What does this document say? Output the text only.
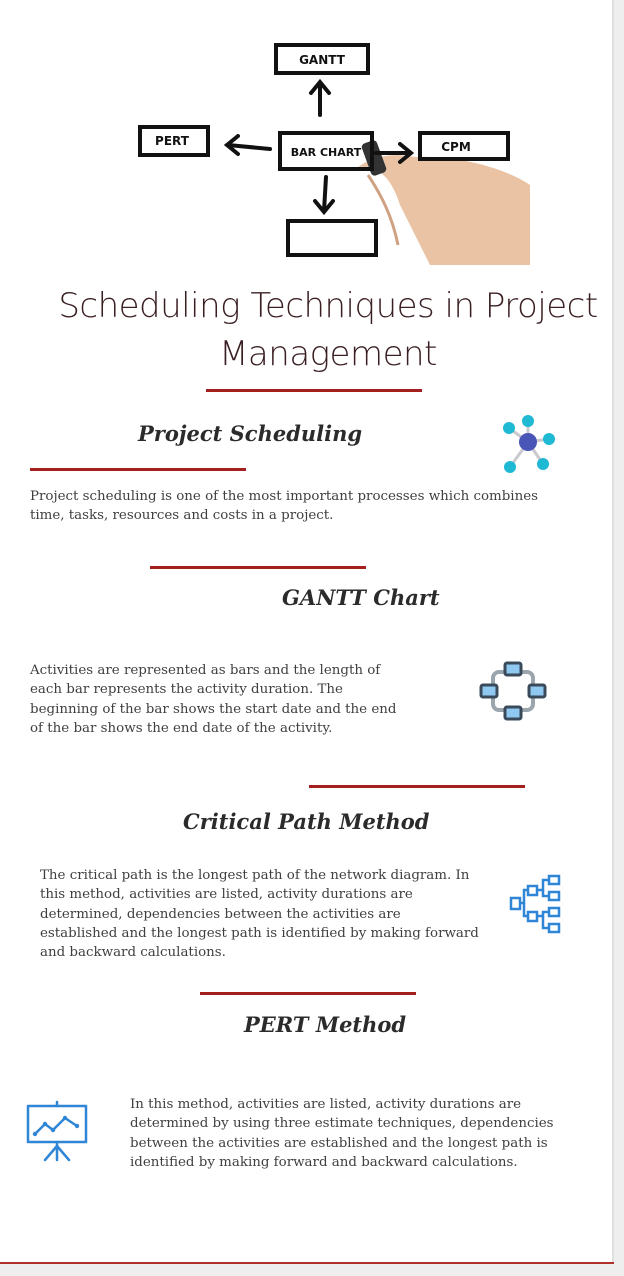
GANTT
PERT
BAR CHART	CPM
Scheduling Techniques in Project
Management
Project Scheduling
Project scheduling is one of the most important processes which combines time, tasks, resources and costs in a project.
GANTT Chart
Activities are represented as bars and the length of each bar represents the activity duration. The beginning of the bar shows the start date and the end of the bar shows the end date of the activity.
Critical Path Method
The critical path is the longest path of the network diagram. In this method, activities are listed, activity durations are determined, dependencies between the activities are established and the longest path is identified by making forward and backward calculations.
PERT Method
In this method, activities are listed, activity durations are determined by using three estimate techniques, dependencies between the activities are established and the longest path is identified by making forward and backward calculations.
